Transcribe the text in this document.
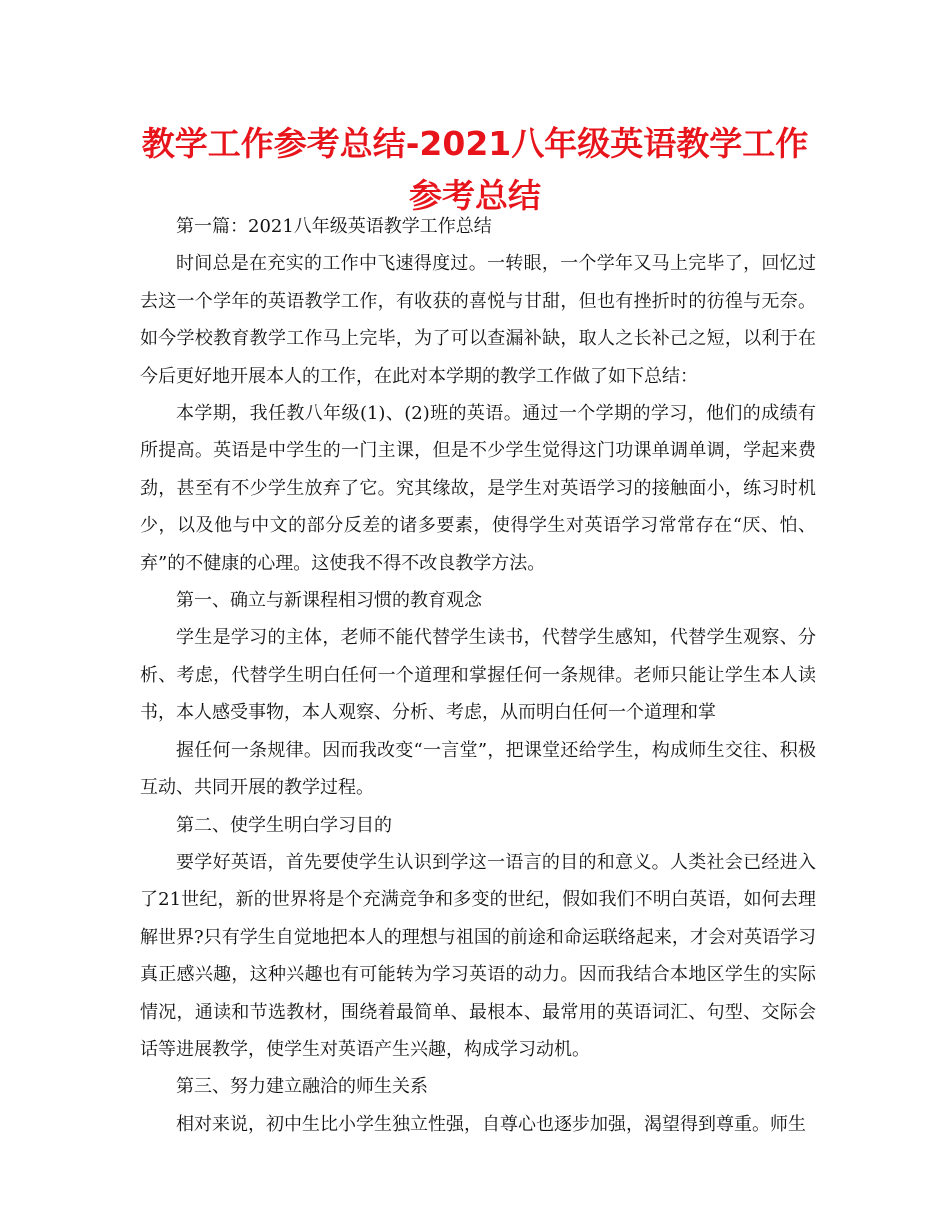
教学工作参考总结-2021八年级英语教学工作参考总结

第一篇：2021八年级英语教学工作总结

时间总是在充实的工作中飞速得度过。一转眼，一个学年又马上完毕了，回忆过去这一个学年的英语教学工作，有收获的喜悦与甘甜，但也有挫折时的彷徨与无奈。如今学校教育教学工作马上完毕，为了可以查漏补缺，取人之长补己之短，以利于在今后更好地开展本人的工作，在此对本学期的教学工作做了如下总结：

本学期，我任教八年级(1)、(2)班的英语。通过一个学期的学习，他们的成绩有所提高。英语是中学生的一门主课，但是不少学生觉得这门功课单调单调，学起来费劲，甚至有不少学生放弃了它。究其缘故，是学生对英语学习的接触面小，练习时机少，以及他与中文的部分反差的诸多要素，使得学生对英语学习常常存在“厌、怕、弃”的不健康的心理。这使我不得不改良教学方法。

第一、确立与新课程相习惯的教育观念

学生是学习的主体，老师不能代替学生读书，代替学生感知，代替学生观察、分析、考虑，代替学生明白任何一个道理和掌握任何一条规律。老师只能让学生本人读书，本人感受事物，本人观察、分析、考虑，从而明白任何一个道理和掌

握任何一条规律。因而我改变“一言堂”，把课堂还给学生，构成师生交往、积极互动、共同开展的教学过程。

第二、使学生明白学习目的

要学好英语，首先要使学生认识到学这一语言的目的和意义。人类社会已经进入了21世纪，新的世界将是个充满竞争和多变的世纪，假如我们不明白英语，如何去理解世界?只有学生自觉地把本人的理想与祖国的前途和命运联络起来，才会对英语学习真正感兴趣，这种兴趣也有可能转为学习英语的动力。因而我结合本地区学生的实际情况，通读和节选教材，围绕着最简单、最根本、最常用的英语词汇、句型、交际会话等进展教学，使学生对英语产生兴趣，构成学习动机。

第三、努力建立融洽的师生关系

相对来说，初中生比小学生独立性强，自尊心也逐步加强，渴望得到尊重。师生
